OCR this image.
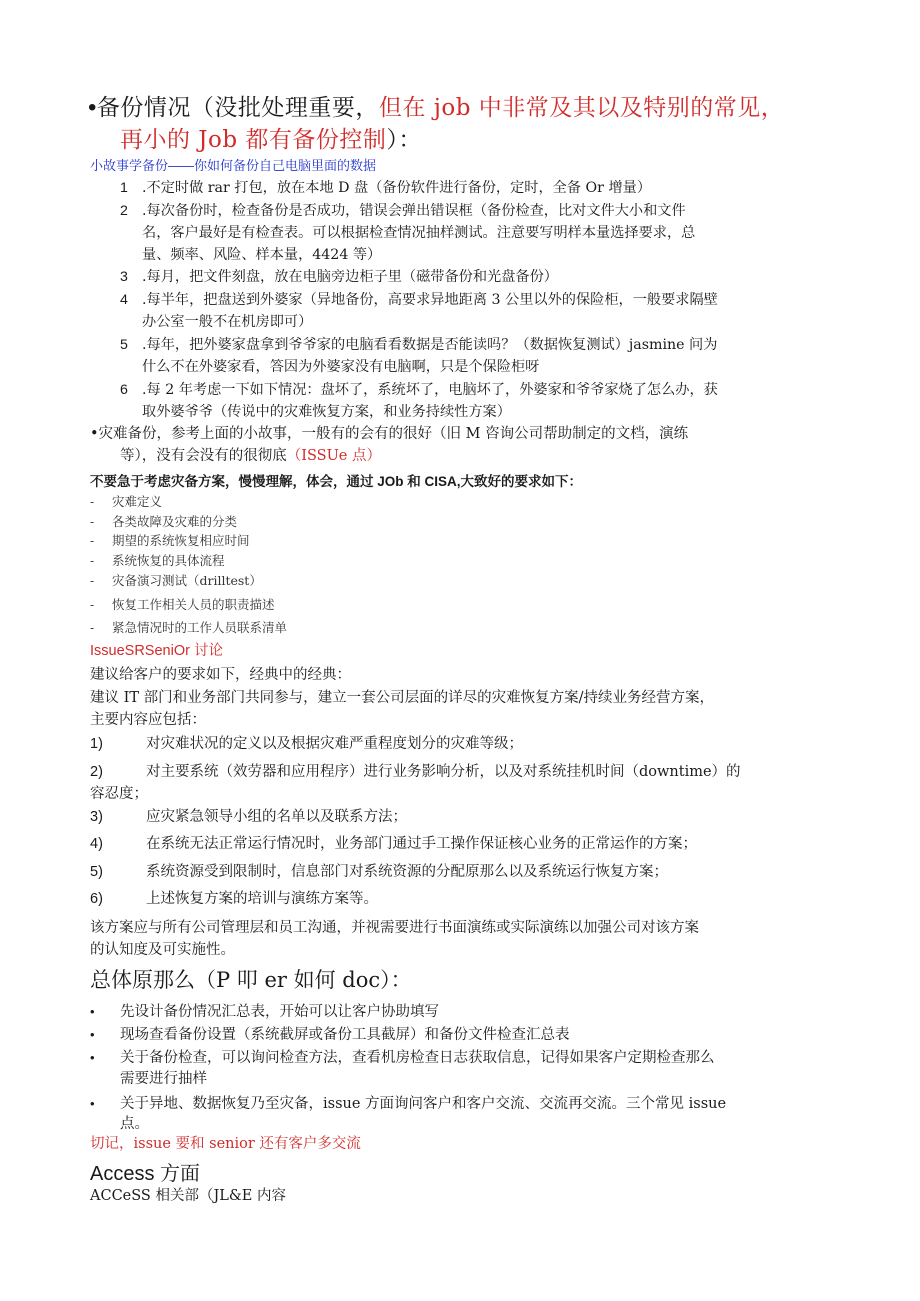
•备份情况（没批处理重要，但在 job 中非常及其以及特别的常见，
再小的 Job 都有备份控制）：
小故事学备份——你如何备份自己电脑里面的数据
1 .不定时做 rar 打包，放在本地 D 盘（备份软件进行备份，定时，全备 Or 增量）
2 .每次备份时，检查备份是否成功，错误会弹出错误框（备份检查，比对文件大小和文件
名，客户最好是有检查表。可以根据检查情况抽样测试。注意要写明样本量选择要求，总
量、频率、风险、样本量，4424 等）
3 .每月，把文件刻盘，放在电脑旁边柜子里（磁带备份和光盘备份）
4 .每半年，把盘送到外婆家（异地备份，高要求异地距离 3 公里以外的保险柜，一般要求隔壁
办公室一般不在机房即可）
5 .每年，把外婆家盘拿到爷爷家的电脑看看数据是否能读吗？（数据恢复测试）jasmine 问为
什么不在外婆家看，答因为外婆家没有电脑啊，只是个保险柜呀
6 .每 2 年考虑一下如下情况：盘坏了，系统坏了，电脑坏了，外婆家和爷爷家烧了怎么办，获
取外婆爷爷（传说中的灾难恢复方案，和业务持续性方案）
•灾难备份，参考上面的小故事，一般有的会有的很好（旧 M 咨询公司帮助制定的文档，演练
等），没有会没有的很彻底（ISSUe 点）
不要急于考虑灾备方案，慢慢理解，体会，通过 JOb 和 CISA,大致好的要求如下：
- 灾难定义
- 各类故障及灾难的分类
- 期望的系统恢复相应时间
- 系统恢复的具体流程
- 灾备演习测试（drilltest）
- 恢复工作相关人员的职责描述
- 紧急情况时的工作人员联系清单
IssueSRSeniOr 讨论
建议给客户的要求如下，经典中的经典：
建议 IT 部门和业务部门共同参与，建立一套公司层面的详尽的灾难恢复方案/持续业务经营方案，
主要内容应包括：
1)	对灾难状况的定义以及根据灾难严重程度划分的灾难等级；
2)	对主要系统（效劳器和应用程序）进行业务影响分析，以及对系统挂机时间（downtime）的
容忍度；
3)	应灾紧急领导小组的名单以及联系方法；
4)	在系统无法正常运行情况时，业务部门通过手工操作保证核心业务的正常运作的方案；
5)	系统资源受到限制时，信息部门对系统资源的分配原那么以及系统运行恢复方案；
6)	上述恢复方案的培训与演练方案等。
该方案应与所有公司管理层和员工沟通，并视需要进行书面演练或实际演练以加强公司对该方案
的认知度及可实施性。
总体原那么（P 叩 er 如何 doc）：
• 先设计备份情况汇总表，开始可以让客户协助填写
• 现场查看备份设置（系统截屏或备份工具截屏）和备份文件检查汇总表
• 关于备份检查，可以询问检查方法，查看机房检查日志获取信息，记得如果客户定期检查那么
需要进行抽样
• 关于异地、数据恢复乃至灾备，issue 方面询问客户和客户交流、交流再交流。三个常见 issue
点。
切记，issue 要和 senior 还有客户多交流
Access 方面
ACCeSS 相关部（JL&E 内容
